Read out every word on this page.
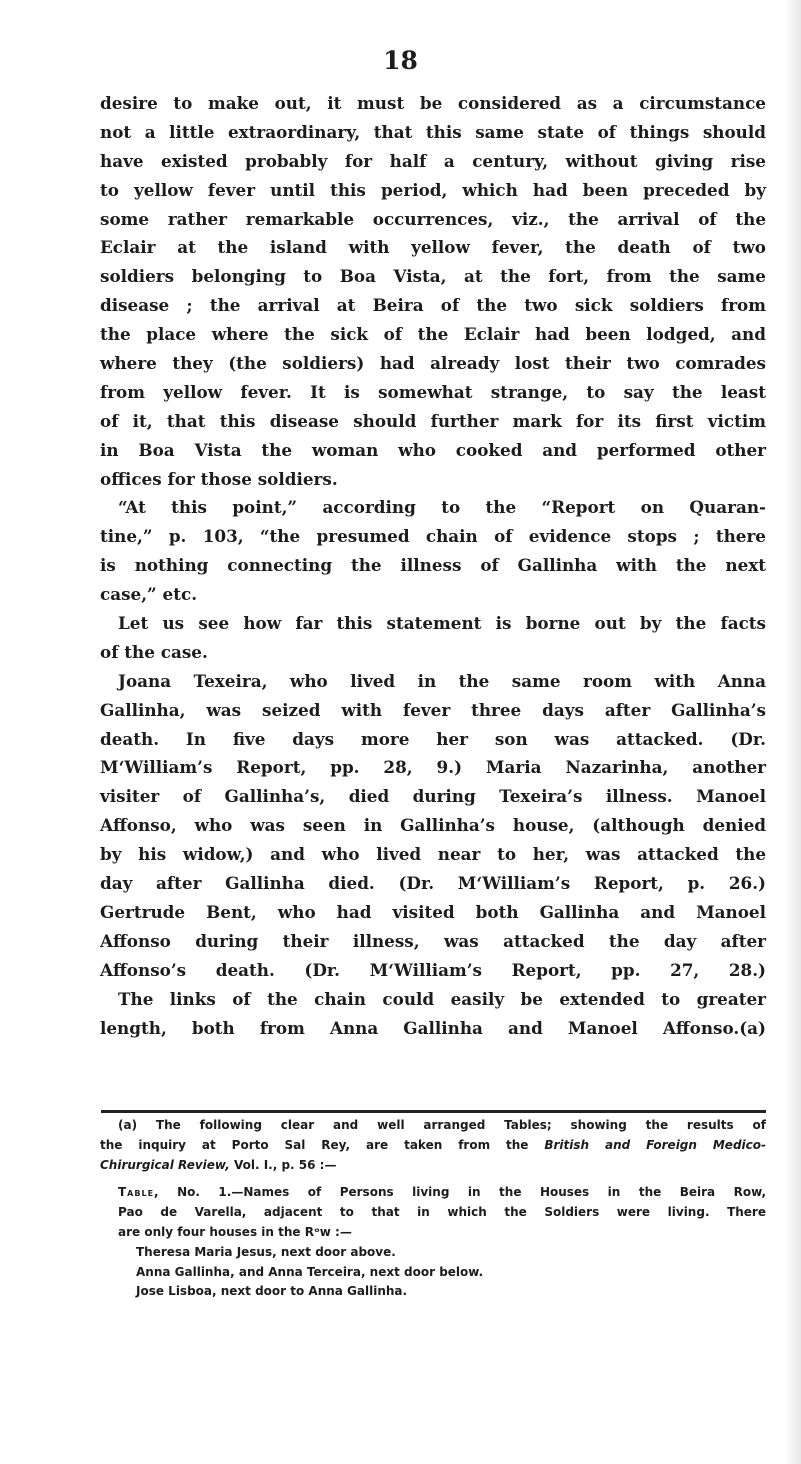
18
desire to make out, it must be considered as a circumstance
not a little extraordinary, that this same state of things should
have existed probably for half a century, without giving rise
to yellow fever until this period, which had been preceded by
some rather remarkable occurrences, viz., the arrival of the
Eclair at the island with yellow fever, the death of two
soldiers belonging to Boa Vista, at the fort, from the same
disease ; the arrival at Beira of the two sick soldiers from
the place where the sick of the Eclair had been lodged, and
where they (the soldiers) had already lost their two comrades
from yellow fever. It is somewhat strange, to say the least
of it, that this disease should further mark for its first victim
in Boa Vista the woman who cooked and performed other
offices for those soldiers.
“At this point,” according to the “Report on Quaran-
tine,” p. 103, “the presumed chain of evidence stops ; there
is nothing connecting the illness of Gallinha with the next
case,” etc.
Let us see how far this statement is borne out by the facts
of the case.
Joana Texeira, who lived in the same room with Anna
Gallinha, was seized with fever three days after Gallinha’s
death. In five days more her son was attacked. (Dr.
M‘William’s Report, pp. 28, 9.) Maria Nazarinha, another
visiter of Gallinha’s, died during Texeira’s illness. Manoel
Affonso, who was seen in Gallinha’s house, (although denied
by his widow,) and who lived near to her, was attacked the
day after Gallinha died. (Dr. M‘William’s Report, p. 26.)
Gertrude Bent, who had visited both Gallinha and Manoel
Affonso during their illness, was attacked the day after
Affonso’s death. (Dr. M‘William’s Report, pp. 27, 28.)
The links of the chain could easily be extended to greater
length, both from Anna Gallinha and Manoel Affonso.(a)
(a) The following clear and well arranged Tables; showing the results of
the inquiry at Porto Sal Rey, are taken from the British and Foreign Medico-
Chirurgical Review, Vol. I., p. 56 :—
Table, No. 1.—Names of Persons living in the Houses in the Beira Row,
Pao de Varella, adjacent to that in which the Soldiers were living. There
are only four houses in the Rᵒw :—
Theresa Maria Jesus, next door above.
Anna Gallinha, and Anna Terceira, next door below.
Jose Lisboa, next door to Anna Gallinha.
